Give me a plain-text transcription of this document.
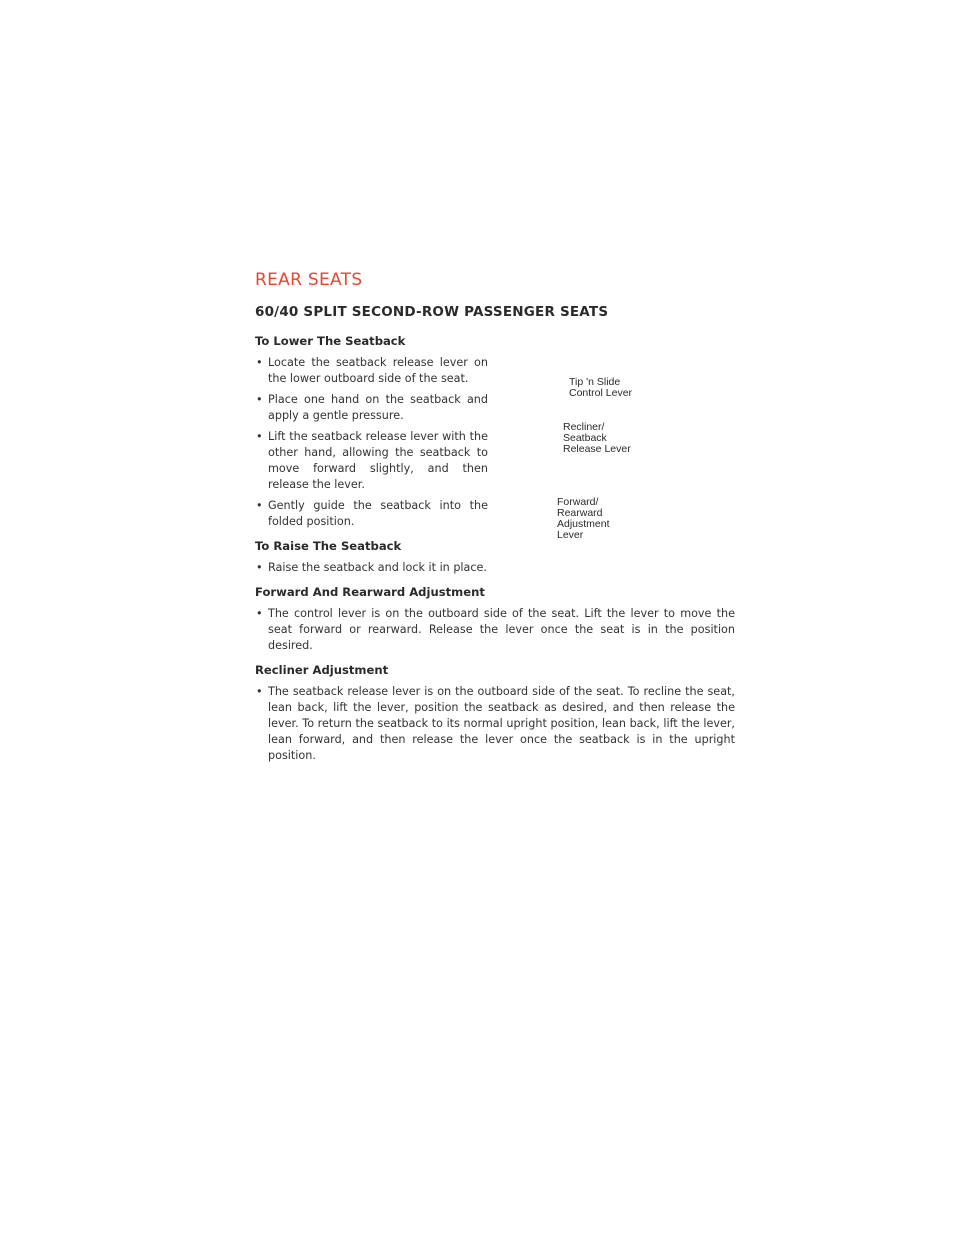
REAR SEATS
60/40 SPLIT SECOND-ROW PASSENGER SEATS
Tip 'n Slide
Control Lever
Recliner/
Seatback
Release Lever
Forward/
Rearward
Adjustment
Lever
To Lower The Seatback
• Locate the seatback release lever on the lower outboard side of the seat.
• Place one hand on the seatback and apply a gentle pressure.
• Lift the seatback release lever with the other hand, allowing the seatback to move forward slightly, and then release the lever.
• Gently guide the seatback into the folded position.
To Raise The Seatback
• Raise the seatback and lock it in place.
Forward And Rearward Adjustment
• The control lever is on the outboard side of the seat. Lift the lever to move the seat forward or rearward. Release the lever once the seat is in the position desired.
Recliner Adjustment
• The seatback release lever is on the outboard side of the seat. To recline the seat, lean back, lift the lever, position the seatback as desired, and then release the lever. To return the seatback to its normal upright position, lean back, lift the lever, lean forward, and then release the lever once the seatback is in the upright position.
